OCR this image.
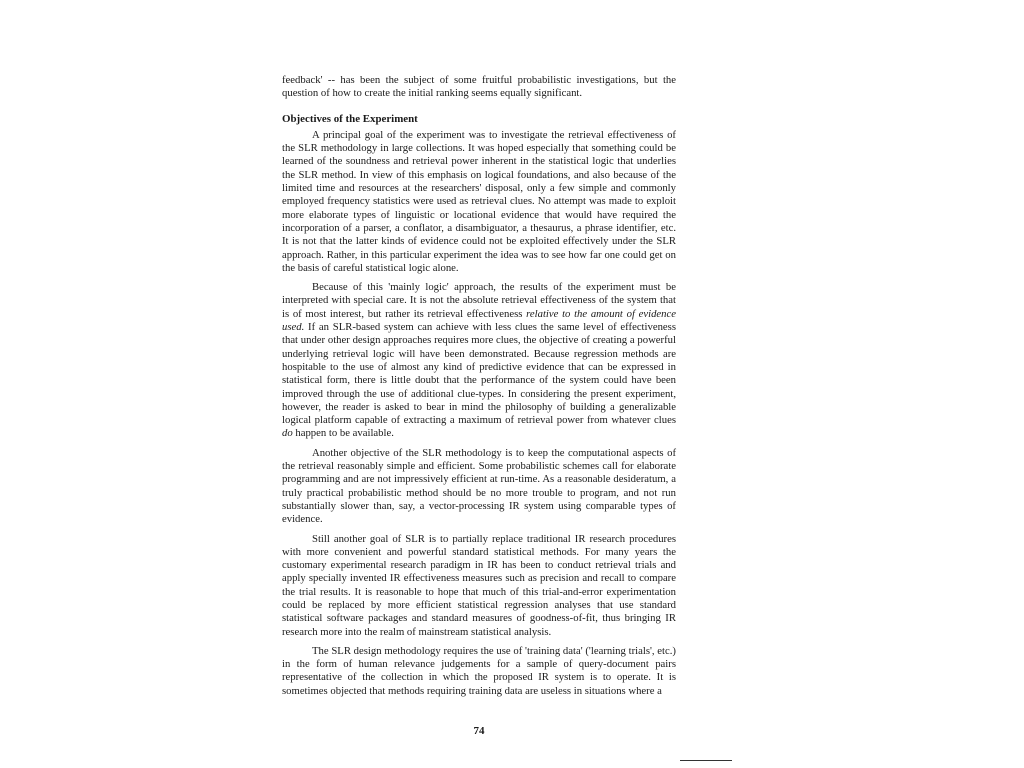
feedback' -- has been the subject of some fruitful probabilistic investigations, but the question of how to create the initial ranking seems equally significant.

Objectives of the Experiment

A principal goal of the experiment was to investigate the retrieval effectiveness of the SLR methodology in large collections. It was hoped especially that something could be learned of the soundness and retrieval power inherent in the statistical logic that underlies the SLR method. In view of this emphasis on logical foundations, and also because of the limited time and resources at the researchers' disposal, only a few simple and commonly employed frequency statistics were used as retrieval clues. No attempt was made to exploit more elaborate types of linguistic or locational evidence that would have required the incorporation of a parser, a conflator, a disambiguator, a thesaurus, a phrase identifier, etc. It is not that the latter kinds of evidence could not be exploited effectively under the SLR approach. Rather, in this particular experiment the idea was to see how far one could get on the basis of careful statistical logic alone.

Because of this 'mainly logic' approach, the results of the experiment must be interpreted with special care. It is not the absolute retrieval effectiveness of the system that is of most interest, but rather its retrieval effectiveness relative to the amount of evidence used. If an SLR-based system can achieve with less clues the same level of effectiveness that under other design approaches requires more clues, the objective of creating a powerful underlying retrieval logic will have been demonstrated. Because regression methods are hospitable to the use of almost any kind of predictive evidence that can be expressed in statistical form, there is little doubt that the performance of the system could have been improved through the use of additional clue-types. In considering the present experiment, however, the reader is asked to bear in mind the philosophy of building a generalizable logical platform capable of extracting a maximum of retrieval power from whatever clues do happen to be available.

Another objective of the SLR methodology is to keep the computational aspects of the retrieval reasonably simple and efficient. Some probabilistic schemes call for elaborate programming and are not impressively efficient at run-time. As a reasonable desideratum, a truly practical probabilistic method should be no more trouble to program, and not run substantially slower than, say, a vector-processing IR system using comparable types of evidence.

Still another goal of SLR is to partially replace traditional IR research procedures with more convenient and powerful standard statistical methods. For many years the customary experimental research paradigm in IR has been to conduct retrieval trials and apply specially invented IR effectiveness measures such as precision and recall to compare the trial results. It is reasonable to hope that much of this trial-and-error experimentation could be replaced by more efficient statistical regression analyses that use standard statistical software packages and standard measures of goodness-of-fit, thus bringing IR research more into the realm of mainstream statistical analysis.

The SLR design methodology requires the use of 'training data' ('learning trials', etc.) in the form of human relevance judgements for a sample of query-document pairs representative of the collection in which the proposed IR system is to operate. It is sometimes objected that methods requiring training data are useless in situations where a

74
